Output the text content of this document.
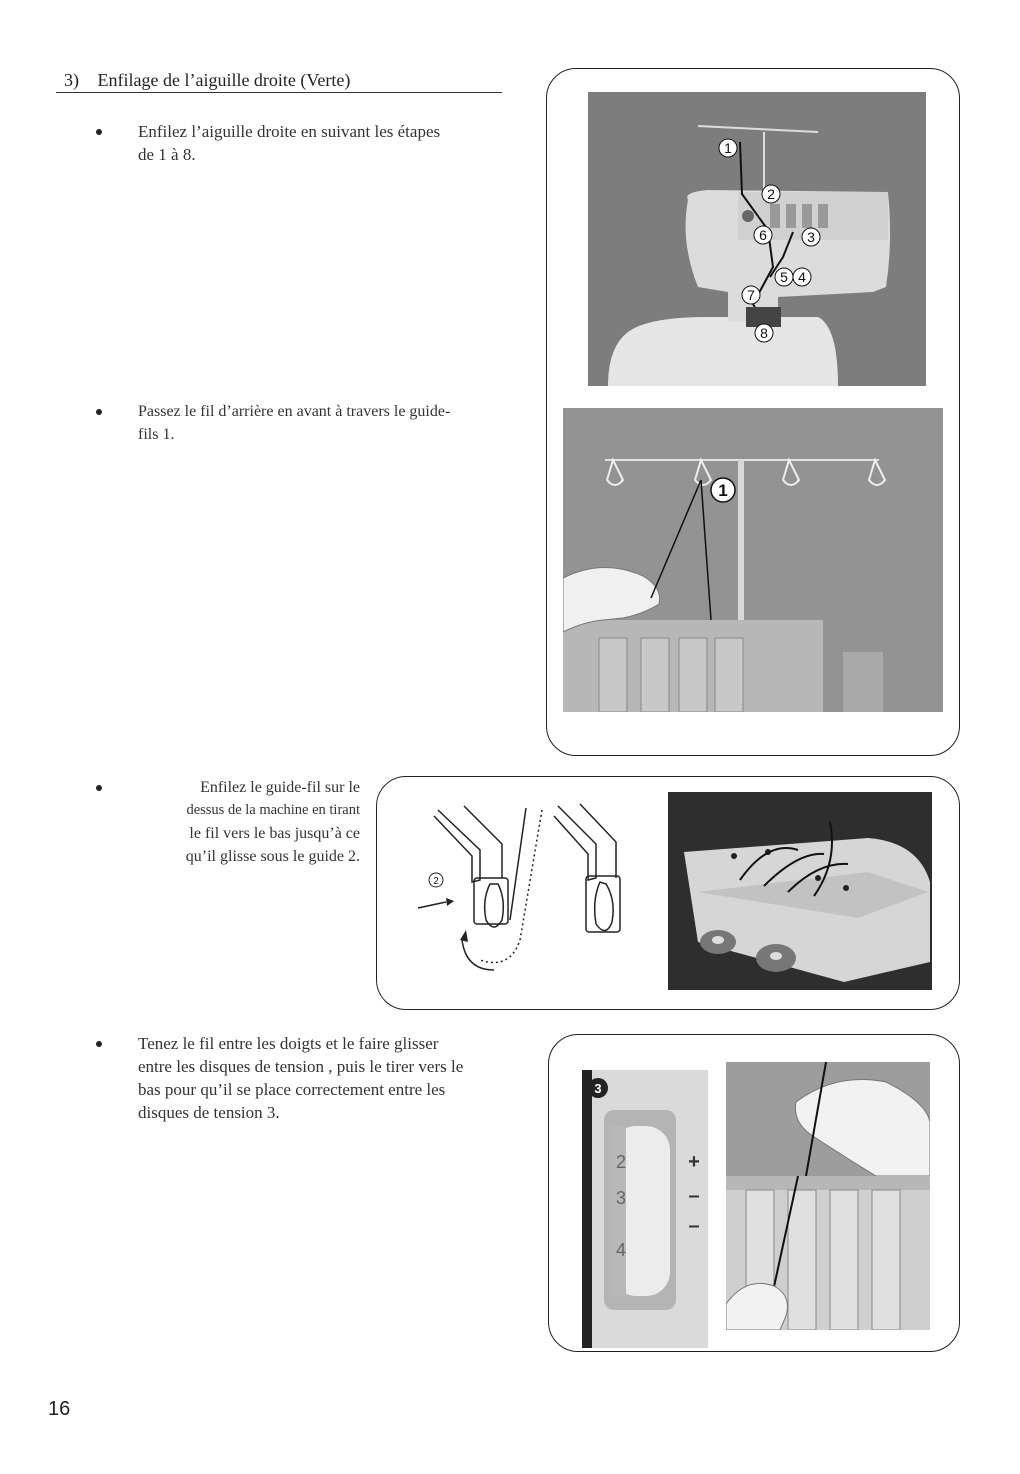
3) Enfilage de l’aiguille droite (Verte)
Enfilez l’aiguille droite en suivant les étapes
de 1 à 8.
Passez le fil d’arrière en avant à travers le guide-
fils 1.
Enfilez le guide-fil sur le
dessus de la machine en tirant
le fil vers le bas jusqu’à ce
qu’il glisse sous le guide 2.
Tenez le fil entre les doigts et le faire glisser
entre les disques de tension , puis le tirer vers le
bas pour qu’il se place correctement entre les
disques de tension 3.
1
2
3
4
5
6
7
8
1
2
2
3
4
+
–
–
3
16
